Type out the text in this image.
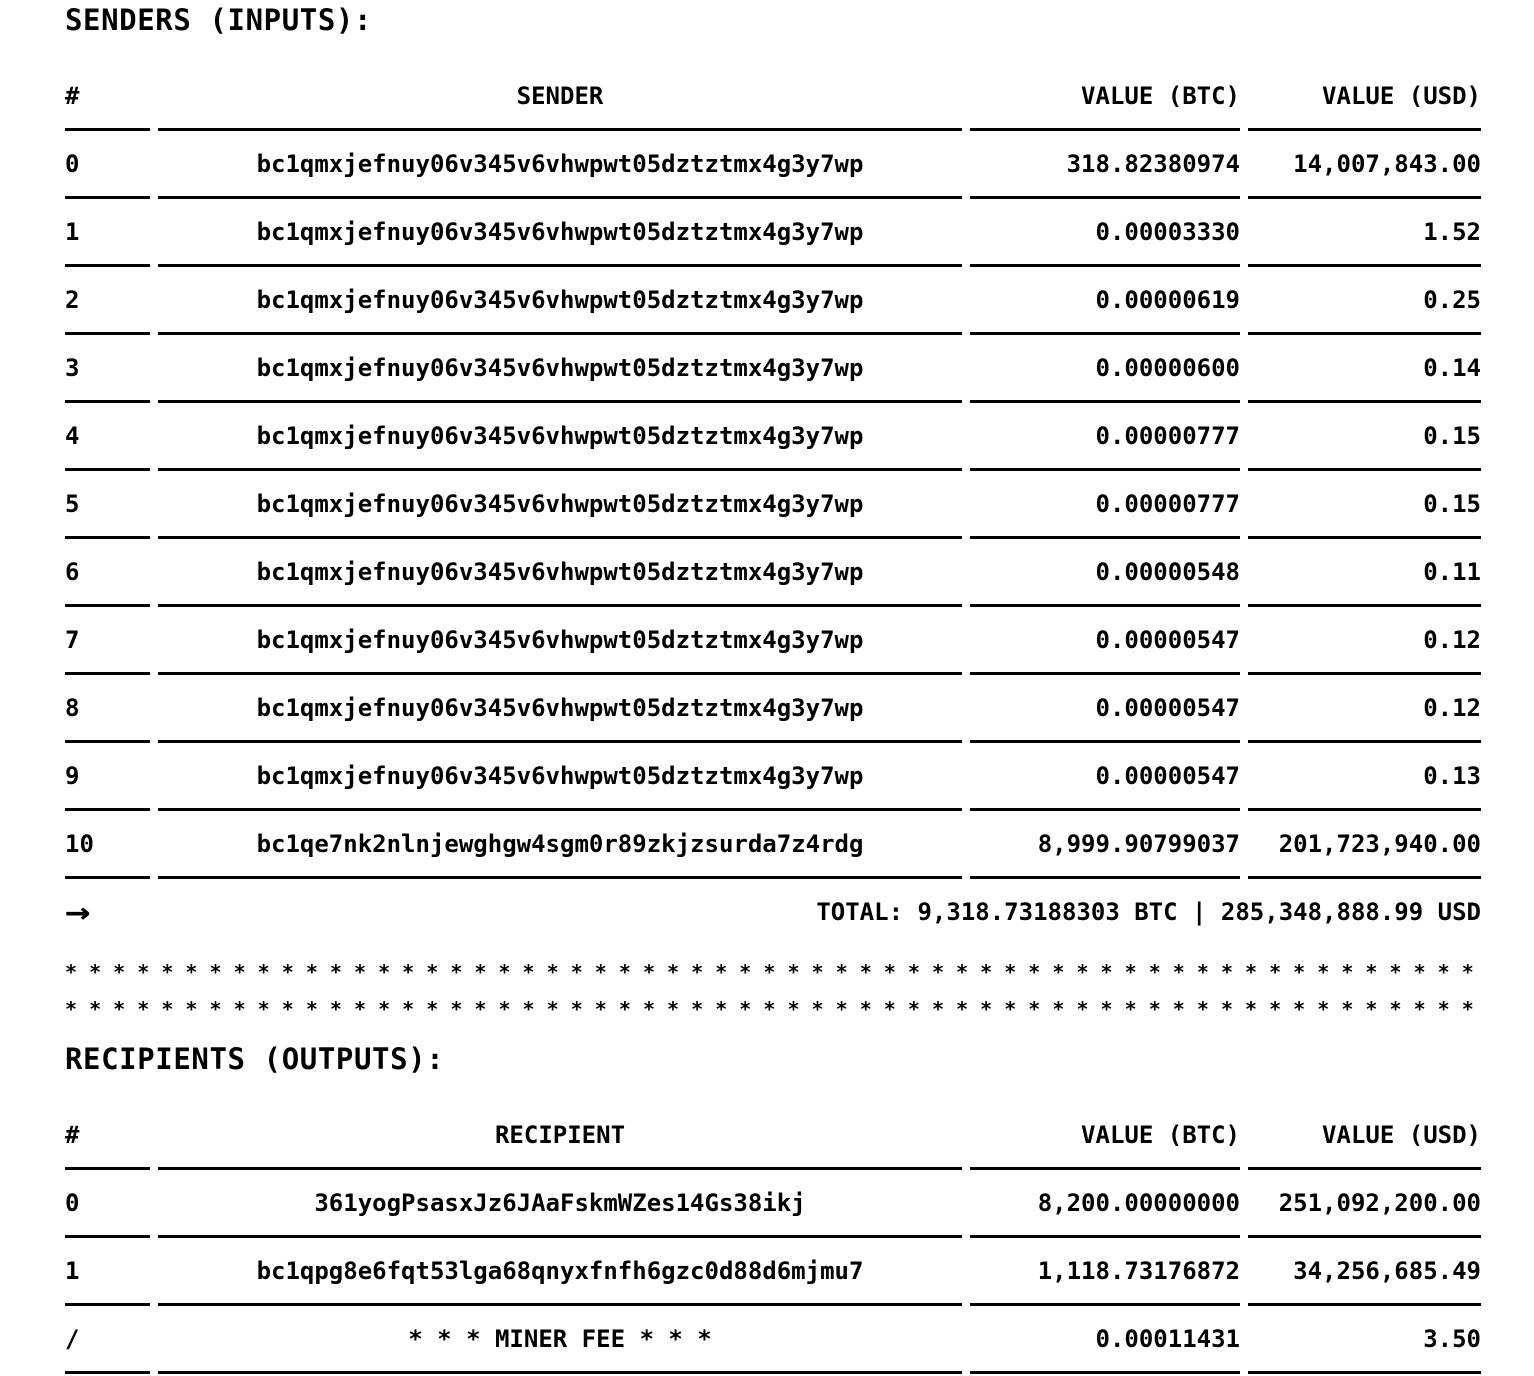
SENDERS (INPUTS):
#	SENDER	VALUE (BTC)	VALUE (USD)
0	bc1qmxjefnuy06v345v6vhwpwt05dztztmx4g3y7wp	318.82380974	14,007,843.00
1	bc1qmxjefnuy06v345v6vhwpwt05dztztmx4g3y7wp	0.00003330	1.52
2	bc1qmxjefnuy06v345v6vhwpwt05dztztmx4g3y7wp	0.00000619	0.25
3	bc1qmxjefnuy06v345v6vhwpwt05dztztmx4g3y7wp	0.00000600	0.14
4	bc1qmxjefnuy06v345v6vhwpwt05dztztmx4g3y7wp	0.00000777	0.15
5	bc1qmxjefnuy06v345v6vhwpwt05dztztmx4g3y7wp	0.00000777	0.15
6	bc1qmxjefnuy06v345v6vhwpwt05dztztmx4g3y7wp	0.00000548	0.11
7	bc1qmxjefnuy06v345v6vhwpwt05dztztmx4g3y7wp	0.00000547	0.12
8	bc1qmxjefnuy06v345v6vhwpwt05dztztmx4g3y7wp	0.00000547	0.12
9	bc1qmxjefnuy06v345v6vhwpwt05dztztmx4g3y7wp	0.00000547	0.13
10	bc1qe7nk2nlnjewghgw4sgm0r89zkjzsurda7z4rdg	8,999.90799037	201,723,940.00
→	TOTAL: 9,318.73188303 BTC | 285,348,888.99 USD
* * * * * * * * * * * * * * * * * * * * * * * * * * * * * * * * * * * * * * * * * * * * * * * * * * * * * * * * * * *
* * * * * * * * * * * * * * * * * * * * * * * * * * * * * * * * * * * * * * * * * * * * * * * * * * * * * * * * * * *
RECIPIENTS (OUTPUTS):
#	RECIPIENT	VALUE (BTC)	VALUE (USD)
0	361yogPsasxJz6JAaFskmWZes14Gs38ikj	8,200.00000000	251,092,200.00
1	bc1qpg8e6fqt53lga68qnyxfnfh6gzc0d88d6mjmu7	1,118.73176872	34,256,685.49
/	* * * MINER FEE * * *	0.00011431	3.50
